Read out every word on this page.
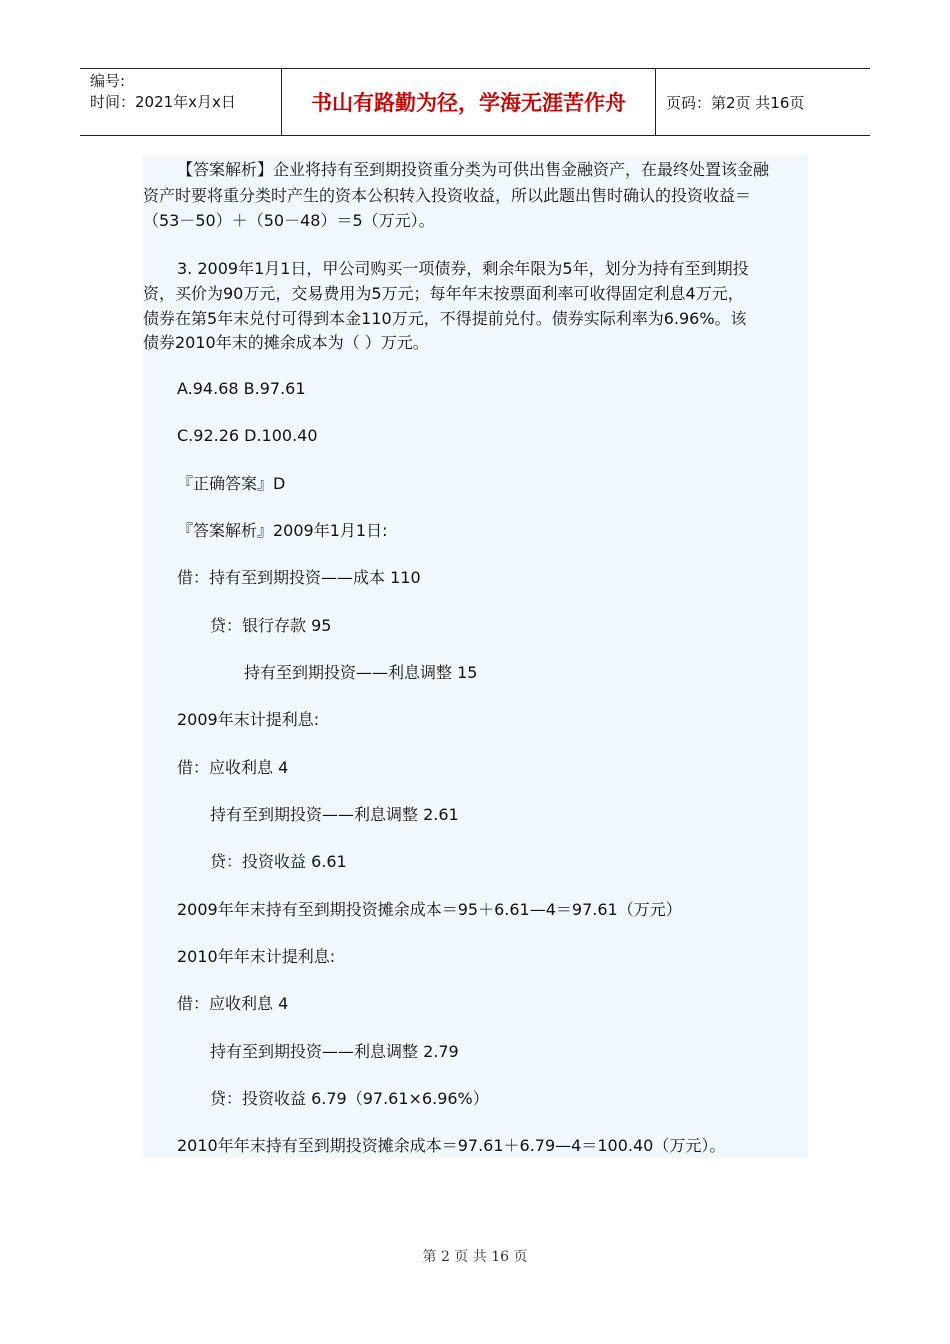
编号:
时间：2021年x月x日	书山有路勤为径，学海无涯苦作舟	页码：第2页 共16页

【答案解析】企业将持有至到期投资重分类为可供出售金融资产，在最终处置该金融

资产时要将重分类时产生的资本公积转入投资收益，所以此题出售时确认的投资收益＝

（53－50）＋（50－48）＝5（万元）。

3. 2009年1月1日，甲公司购买一项债券，剩余年限为5年，划分为持有至到期投

资，买价为90万元，交易费用为5万元；每年年末按票面利率可收得固定利息4万元，

债券在第5年末兑付可得到本金110万元，不得提前兑付。债券实际利率为6.96%。该

债券2010年末的摊余成本为（ ）万元。

A.94.68 B.97.61

C.92.26 D.100.40

『正确答案』D

『答案解析』2009年1月1日:

借：持有至到期投资——成本 110

贷：银行存款 95

持有至到期投资——利息调整 15

2009年末计提利息:

借：应收利息 4

持有至到期投资——利息调整 2.61

贷：投资收益 6.61

2009年年末持有至到期投资摊余成本＝95＋6.61—4＝97.61（万元）

2010年年末计提利息:

借：应收利息 4

持有至到期投资——利息调整 2.79

贷：投资收益 6.79（97.61×6.96%）

2010年年末持有至到期投资摊余成本＝97.61＋6.79—4＝100.40（万元）。

第 2 页 共 16 页
